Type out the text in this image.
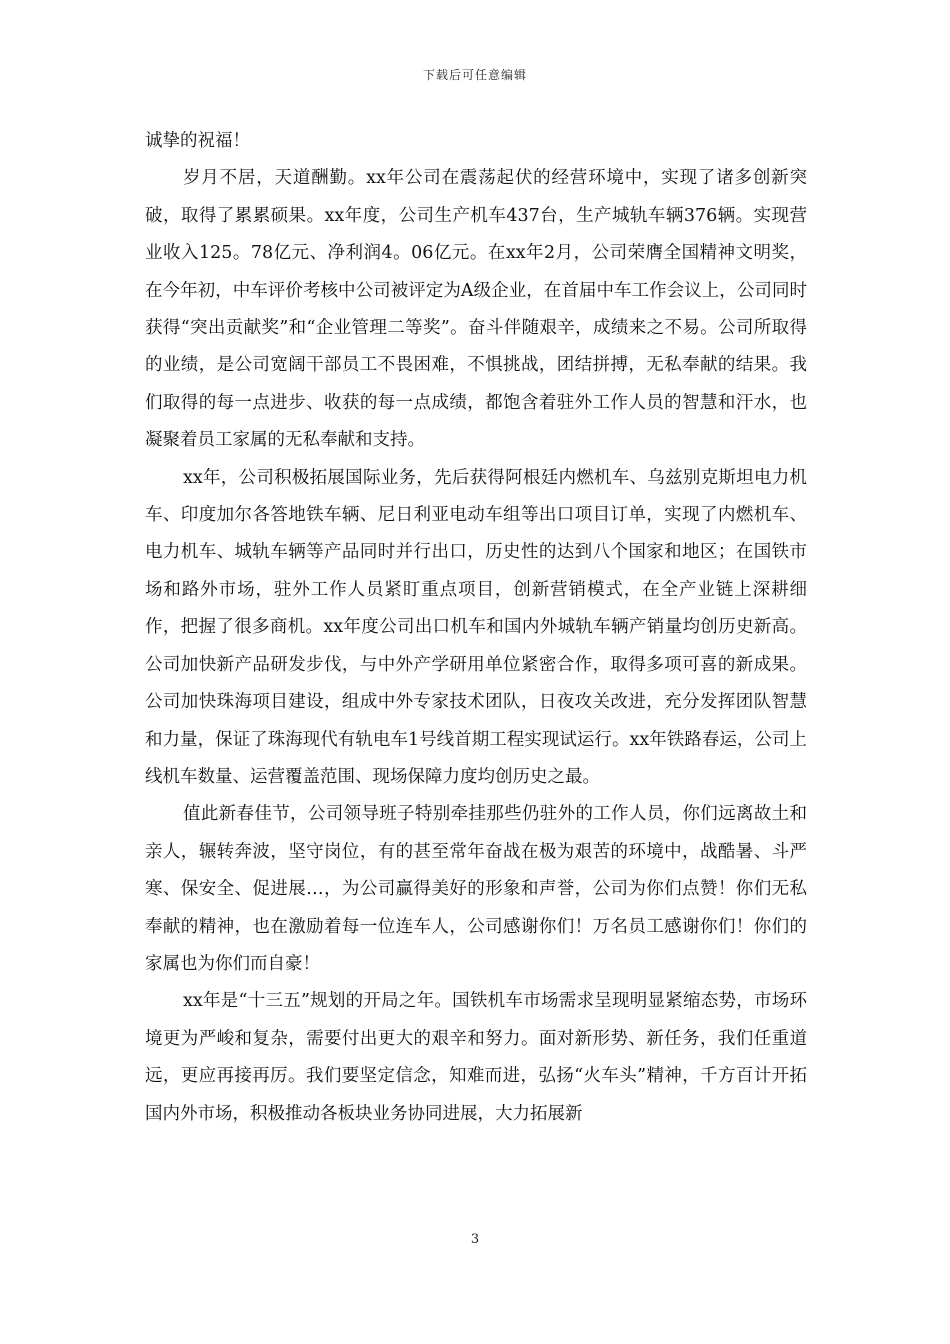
下载后可任意编辑

诚挚的祝福！

岁月不居，天道酬勤。xx年公司在震荡起伏的经营环境中，实现了诸多创新突破，取得了累累硕果。xx年度，公司生产机车437台，生产城轨车辆376辆。实现营业收入125。78亿元、净利润4。06亿元。在xx年2月，公司荣膺全国精神文明奖，在今年初，中车评价考核中公司被评定为A级企业，在首届中车工作会议上，公司同时获得“突出贡献奖”和“企业管理二等奖”。奋斗伴随艰辛，成绩来之不易。公司所取得的业绩，是公司宽阔干部员工不畏困难，不惧挑战，团结拼搏，无私奉献的结果。我们取得的每一点进步、收获的每一点成绩，都饱含着驻外工作人员的智慧和汗水，也凝聚着员工家属的无私奉献和支持。

xx年，公司积极拓展国际业务，先后获得阿根廷内燃机车、乌兹别克斯坦电力机车、印度加尔各答地铁车辆、尼日利亚电动车组等出口项目订单，实现了内燃机车、电力机车、城轨车辆等产品同时并行出口，历史性的达到八个国家和地区；在国铁市场和路外市场，驻外工作人员紧盯重点项目，创新营销模式，在全产业链上深耕细作，把握了很多商机。xx年度公司出口机车和国内外城轨车辆产销量均创历史新高。公司加快新产品研发步伐，与中外产学研用单位紧密合作，取得多项可喜的新成果。公司加快珠海项目建设，组成中外专家技术团队，日夜攻关改进，充分发挥团队智慧和力量，保证了珠海现代有轨电车1号线首期工程实现试运行。xx年铁路春运，公司上线机车数量、运营覆盖范围、现场保障力度均创历史之最。

值此新春佳节，公司领导班子特别牵挂那些仍驻外的工作人员，你们远离故土和亲人，辗转奔波，坚守岗位，有的甚至常年奋战在极为艰苦的环境中，战酷暑、斗严寒、保安全、促进展…，为公司赢得美好的形象和声誉，公司为你们点赞！你们无私奉献的精神，也在激励着每一位连车人，公司感谢你们！万名员工感谢你们！你们的家属也为你们而自豪！

xx年是“十三五”规划的开局之年。国铁机车市场需求呈现明显紧缩态势，市场环境更为严峻和复杂，需要付出更大的艰辛和努力。面对新形势、新任务，我们任重道远，更应再接再厉。我们要坚定信念，知难而进，弘扬“火车头”精神，千方百计开拓国内外市场，积极推动各板块业务协同进展，大力拓展新

3
